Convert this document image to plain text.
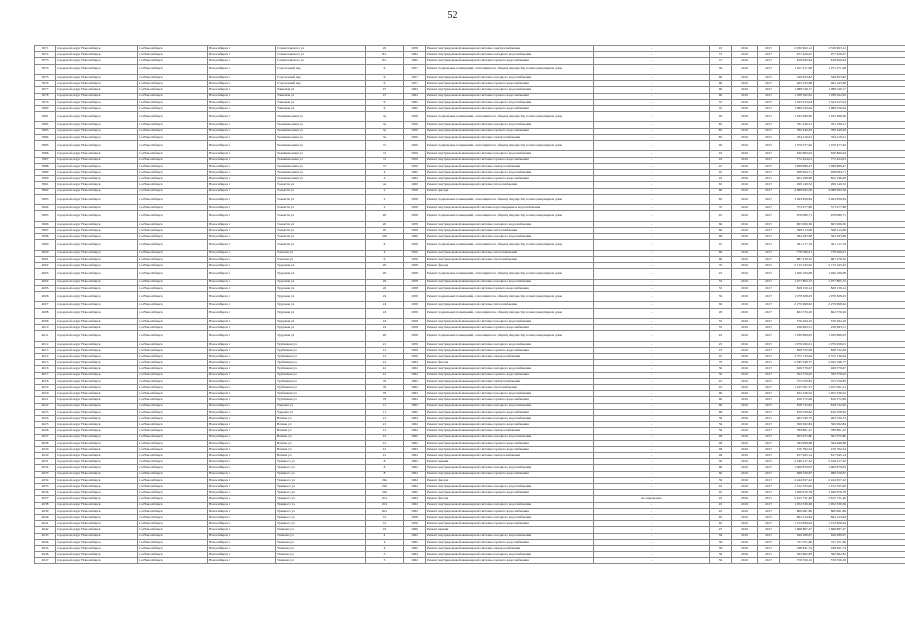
52
3971	городской округ Новосибирск	г.о.Новосибирск	Новосибирск г	Станиславского ул	20	1958	Ремонт внутридомовой инженерной системы электроснабжения	-	45	2016	2017	2 930 902,12	3 530 903,12	
3972	городской округ Новосибирск	г.о.Новосибирск	Новосибирск г	Станиславского ул	8/1	1962	Ремонт внутридомовой инженерной системы холодного водоснабжения	-	75	2016	2017	977 426,07	977 426,07	
3973	городской округ Новосибирск	г.о.Новосибирск	Новосибирск г	Станиславского ул	8/1	1962	Ремонт внутридомовой инженерной системы горячего водоснабжения	-	75	2016	2017	818 820,94	818 820,94	
3974	городской округ Новосибирск	г.о.Новосибирск	Новосибирск г	Стрелочный пер	9	1957	Ремонт подвальных помещений, относящихся к общему имуществу в многоквартирном доме	-	36	2016	2017	1 251 271,08	1 251 271,08	
3975	городской округ Новосибирск	г.о.Новосибирск	Новосибирск г	Стрелочный пер	9	1957	Ремонт внутридомовой инженерной системы холодного водоснабжения	-	60	2016	2017	546 833,82	546 833,82	
3976	городской округ Новосибирск	г.о.Новосибирск	Новосибирск г	Стрелочный пер	9	1957	Ремонт внутридомовой инженерной системы горячего водоснабжения	-	60	2016	2017	465 243,68	465 243,68	
3977	городской округ Новосибирск	г.о.Новосибирск	Новосибирск г	Танковая ул	47	1962	Ремонт внутридомовой инженерной системы холодного водоснабжения	-	60	2016	2017	1 088 549,17	1 088 549,17	
3978	городской округ Новосибирск	г.о.Новосибирск	Новосибирск г	Танковая ул	47	1962	Ремонт внутридомовой инженерной системы горячего водоснабжения	-	60	2016	2017	1 188 562,02	1 188 562,02	
3979	городской округ Новосибирск	г.о.Новосибирск	Новосибирск г	Танковая ул	9	1962	Ремонт внутридомовой инженерной системы холодного водоснабжения	-	35	2016	2017	1 345 615,04	1 345 615,04	
3980	городской округ Новосибирск	г.о.Новосибирск	Новосибирск г	Танковая ул	9	1962	Ремонт внутридомовой инженерной системы горячего водоснабжения	-	35	2016	2017	1 086 250,04	1 086 250,04	
3981	городской округ Новосибирск	г.о.Новосибирск	Новосибирск г	Телевизионная ул	3а	1956	Ремонт подвальных помещений, относящихся к общему имуществу в многоквартирном доме	-	46	2016	2017	1 435 496,60	1 435 496,60	
3982	городской округ Новосибирск	г.о.Новосибирск	Новосибирск г	Телевизионная ул	3а	1956	Ремонт внутридомовой инженерной системы холодного водоснабжения	-	85	2016	2017	791 236,51	791 236,51	
3983	городской округ Новосибирск	г.о.Новосибирск	Новосибирск г	Телевизионная ул	3а	1956	Ремонт внутридомовой инженерной системы горячего водоснабжения	-	85	2016	2017	780 440,63	780 440,63	
3984	городской округ Новосибирск	г.о.Новосибирск	Новосибирск г	Телевизионная ул	3а	1956	Ремонт внутридомовой инженерной системы электроснабжения	-	85	2016	2017	764 216,01	764 216,01	
3985	городской округ Новосибирск	г.о.Новосибирск	Новосибирск г	Телевизионная ул	7а	1956	Ремонт подвальных помещений, относящихся к общему имуществу в многоквартирном доме	-	46	2016	2017	1 379 477,62	1 379 477,62	
3986	городской округ Новосибирск	г.о.Новосибирск	Новосибирск г	Телевизионная ул	7а	1956	Ремонт внутридомовой инженерной системы холодного водоснабжения	-	45	2016	2017	630 860,04	630 860,04	
3987	городской округ Новосибирск	г.о.Новосибирск	Новосибирск г	Телевизионная ул	7а	1956	Ремонт внутридомовой инженерной системы горячего водоснабжения	-	45	2016	2017	772 424,01	772 424,01	
3988	городской округ Новосибирск	г.о.Новосибирск	Новосибирск г	Телевизионная ул	7а	1956	Ремонт внутридомовой инженерной системы электроснабжения	-	45	2016	2017	1 998 896,47	1 998 896,47	
3989	городской округ Новосибирск	г.о.Новосибирск	Новосибирск г	Телевизионная ул	4	1962	Ремонт внутридомовой инженерной системы холодного водоснабжения	-	45	2016	2017	958 094,71	958 094,71	
3990	городской округ Новосибирск	г.о.Новосибирск	Новосибирск г	Телевизионная ул	4	1962	Ремонт внутридомовой инженерной системы горячего водоснабжения	-	45	2016	2017	822 196,09	822 196,09	
3991	городской округ Новосибирск	г.о.Новосибирск	Новосибирск г	Тольятти ул	4а	1960	Ремонт внутридомовой инженерной системы теплоснабжения	-	65	2016	2017	299 149,52	299 149,52	
3992	городской округ Новосибирск	г.о.Новосибирск	Новосибирск г	Тольятти ул	2	1958	Ремонт фасада	-	60	2016	2017	4 088 092,36	4 088 092,36	
3993	городской округ Новосибирск	г.о.Новосибирск	Новосибирск г	Тольятти ул	2	1958	Ремонт подвальных помещений, относящихся к общему имуществу в многоквартирном доме	-	85	2016	2017	3 494 836,84	3 494 836,84	
3994	городской округ Новосибирск	г.о.Новосибирск	Новосибирск г	Тольятти ул	2	1958	Ремонт внутридомовой инженерной системы водоотведения и водоснабжения	-	70	2016	2017	573 477,88	573 477,88	
3995	городской округ Новосибирск	г.о.Новосибирск	Новосибирск г	Тольятти ул	20	1958	Ремонт подвальных помещений, относящихся к общему имуществу в многоквартирном доме	-	45	2016	2017	678 080,71	678 080,71	
3996	городской округ Новосибирск	г.о.Новосибирск	Новосибирск г	Тольятти ул	20	1958	Ремонт внутридомовой инженерной системы холодного водоснабжения	-	60	2016	2017	603 006,36	603 006,36	
3997	городской округ Новосибирск	г.о.Новосибирск	Новосибирск г	Тольятти ул	20	1958	Ремонт внутридомовой инженерной системы теплоснабжения	-	60	2016	2017	598 213,08	598 213,08	
3998	городской округ Новосибирск	г.о.Новосибирск	Новосибирск г	Тольятти ул	20а	1960	Ремонт внутридомовой инженерной системы холодного водоснабжения	-	60	2016	2017	594 283,68	594 283,68	
3999	городской округ Новосибирск	г.о.Новосибирск	Новосибирск г	Тольятти ул	6	1958	Ремонт подвальных помещений, относящихся к общему имуществу в многоквартирном доме	-	25	2016	2017	561 117,19	561 117,19	
4000	городской округ Новосибирск	г.о.Новосибирск	Новосибирск г	Томская ул	4	1959	Ремонт внутридомовой инженерной системы теплоснабжения	-	60	2016	2017	778 566,01	778 566,01	
4001	городской округ Новосибирск	г.о.Новосибирск	Новосибирск г	Томская ул	9	1958	Ремонт внутридомовой инженерной системы теплоснабжения	-	60	2016	2017	687 478,32	687 478,32	
4002	городской округ Новосибирск	г.о.Новосибирск	Новосибирск г	Трудовая ул	26	1958	Ремонт фасада	-	70	2016	2017	2 715 545,02	2 715 545,02	
4003	городской округ Новосибирск	г.о.Новосибирск	Новосибирск г	Трудовая ул	26	1958	Ремонт подвальных помещений, относящихся к общему имуществу в многоквартирном доме	-	22	2016	2017	1 026 160,08	1 026 160,08	
4004	городской округ Новосибирск	г.о.Новосибирск	Новосибирск г	Трудовая ул	26	1958	Ремонт внутридомовой инженерной системы холодного водоснабжения	-	55	2016	2017	1 077 805,72	1 077 805,72	
4005	городской округ Новосибирск	г.о.Новосибирск	Новосибирск г	Трудовая ул	26	1958	Ремонт внутридомовой инженерной системы горячего водоснабжения	-	55	2016	2017	828 159,14	828 159,14	
4006	городской округ Новосибирск	г.о.Новосибирск	Новосибирск г	Трудовая ул	24	1958	Ремонт подвальных помещений, относящихся к общему имуществу в многоквартирном доме	-	30	2016	2017	1 078 308,03	1 078 308,03	
4007	городской округ Новосибирск	г.о.Новосибирск	Новосибирск г	Трудовая ул	24	1958	Ремонт внутридомовой инженерной системы теплоснабжения	-	60	2016	2017	2 270 698,62	2 270 698,62	
4008	городской округ Новосибирск	г.о.Новосибирск	Новосибирск г	Трудовая ул	24	1958	Ремонт подвальных помещений, относящихся к общему имуществу в многоквартирном доме	-	20	2016	2017	602 576,29	602 576,29	
4009	городской округ Новосибирск	г.о.Новосибирск	Новосибирск г	Трудовая ул	24	1958	Ремонт внутридомовой инженерной системы холодного водоснабжения	-	35	2016	2017	576 294,16	576 294,16	
4010	городской округ Новосибирск	г.о.Новосибирск	Новосибирск г	Трудовая ул	24	1958	Ремонт внутридомовой инженерной системы горячего водоснабжения	-	35	2016	2017	236 993,51	236 993,51	
4011	городской округ Новосибирск	г.о.Новосибирск	Новосибирск г	Трудовая ул	20	1958	Ремонт подвальных помещений, относящихся к общему имуществу в многоквартирном доме	-	22	2016	2017	1 030 896,03	1 030 896,03	
4012	городской округ Новосибирск	г.о.Новосибирск	Новосибирск г	Турбинная ул	21	1959	Ремонт внутридомовой инженерной системы холодного водоснабжения	-	25	2016	2017	1 079 206,01	1 079 206,01	
4013	городской округ Новосибирск	г.о.Новосибирск	Новосибирск г	Турбинная ул	21	1959	Ремонт внутридомовой инженерной системы горячего водоснабжения	-	25	2016	2017	828 722,09	828 722,09	
4014	городской округ Новосибирск	г.о.Новосибирск	Новосибирск г	Турбинная ул	21	1959	Ремонт внутридомовой инженерной системы электроснабжения	-	25	2016	2017	2 575 130,04	2 575 130,04	
4015	городской округ Новосибирск	г.о.Новосибирск	Новосибирск г	Турбинная ул	41	1962	Ремонт фасада	-	70	2016	2017	2 045 548,77	2 045 548,77	
4016	городской округ Новосибирск	г.о.Новосибирск	Новосибирск г	Турбинная ул	41	1962	Ремонт внутридомовой инженерной системы холодного водоснабжения	-	30	2016	2017	926 579,07	926 579,07	
4017	городской округ Новосибирск	г.о.Новосибирск	Новосибирск г	Турбинная ул	41	1962	Ремонт внутридомовой инженерной системы горячего водоснабжения	-	30	2016	2017	762 576,02	762 576,02	
4018	городской округ Новосибирск	г.о.Новосибирск	Новосибирск г	Турбинная ул	79	1962	Ремонт внутридомовой инженерной системы электроснабжения	-	45	2016	2017	375 559,85	375 559,85	
4019	городской округ Новосибирск	г.о.Новосибирск	Новосибирск г	Турбинная ул	79	1962	Ремонт внутридомовой инженерной системы теплоснабжения	-	45	2016	2017	1 225 561,51	1 225 561,51	
4020	городской округ Новосибирск	г.о.Новосибирск	Новосибирск г	Турбинная ул	79	1962	Ремонт внутридомовой инженерной системы холодного водоснабжения	-	60	2016	2017	652 336,52	1 052 336,52	
4021	городской округ Новосибирск	г.о.Новосибирск	Новосибирск г	Турбинная ул	79	1962	Ремонт внутридомовой инженерной системы горячего водоснабжения	-	60	2016	2017	816 572,96	816 572,96	
4022	городской округ Новосибирск	г.о.Новосибирск	Новосибирск г	Ударная ул	11	1962	Ремонт внутридомовой инженерной системы холодного водоснабжения	-	60	2016	2017	818 722,92	818 722,92	
4023	городской округ Новосибирск	г.о.Новосибирск	Новосибирск г	Ударная ул	11	1962	Ремонт внутридомовой инженерной системы горячего водоснабжения	-	60	2016	2017	816 558,62	816 558,62	
4024	городской округ Новосибирск	г.о.Новосибирск	Новосибирск г	Ватина ул	21	1962	Ремонт внутридомовой инженерной системы холодного водоснабжения	-	59	2016	2017	462 530,74	462 530,74	
4025	городской округ Новосибирск	г.о.Новосибирск	Новосибирск г	Ватина ул	21	1962	Ремонт внутридомовой инженерной системы горячего водоснабжения	-	59	2016	2017	306 062,84	306 062,84	
4026	городской округ Новосибирск	г.о.Новосибирск	Новосибирск г	Ватина ул	21	1962	Ремонт внутридомовой инженерной системы электроснабжения	-	59	2016	2017	789 861,27	789 861,27	
4027	городской округ Новосибирск	г.о.Новосибирск	Новосибирск г	Ватина ул	41	1962	Ремонт внутридомовой инженерной системы холодного водоснабжения	-	48	2016	2017	505 675,80	505 675,80	
4028	городской округ Новосибирск	г.о.Новосибирск	Новосибирск г	Ватина ул	41	1962	Ремонт внутридомовой инженерной системы горячего водоснабжения	-	48	2016	2017	594 998,68	594 998,68	
4029	городской округ Новосибирск	г.о.Новосибирск	Новосибирск г	Ватина ул	41	1962	Ремонт внутридомовой инженерной системы горячего водоснабжения	-	48	2016	2017	150 762,54	150 762,54	
4030	городской округ Новосибирск	г.о.Новосибирск	Новосибирск г	Ватина ул	41	1962	Ремонт внутридомовой инженерной системы электроснабжения	-	48	2016	2017	817 945,14	817 945,14	
4031	городской округ Новосибирск	г.о.Новосибирск	Новосибирск г	Урицкого ул	8	1962	Ремонт крыши	-	30	2016	2017	2 246 417,32	2 246 417,32	
4032	городской округ Новосибирск	г.о.Новосибирск	Новосибирск г	Урицкого ул	8	1962	Ремонт внутридомовой инженерной системы холодного водоснабжения	-	60	2016	2017	1 009 879,93	1 009 879,93	
4033	городской округ Новосибирск	г.о.Новосибирск	Новосибирск г	Урицкого ул	8	1962	Ремонт внутридомовой инженерной системы горячего водоснабжения	-	60	2016	2017	998 559,67	998 559,67	
4034	городской округ Новосибирск	г.о.Новосибирск	Новосибирск г	Урицкого ул	29а	1962	Ремонт фасада	-	59	2016	2017	2 244 657,22	2 244 657,22	
4035	городской округ Новосибирск	г.о.Новосибирск	Новосибирск г	Урицкого ул	29а	1962	Ремонт внутридомовой инженерной системы холодного водоснабжения	-	45	2016	2017	1 152 335,00	1 152 335,00	
4036	городской округ Новосибирск	г.о.Новосибирск	Новосибирск г	Урицкого ул	29а	1962	Ремонт внутридомовой инженерной системы горячего водоснабжения	-	45	2016	2017	1 026 676,78	1 026 676,78	
4037	городской округ Новосибирск	г.о.Новосибирск	Новосибирск г	Урицкого ул	16/1	1962	Ремонт фасада	не определено	45	2016	2017	2 615 731,40	2 615 731,40	
4038	городской округ Новосибирск	г.о.Новосибирск	Новосибирск г	Урицкого ул	16/1	1962	Ремонт внутридомовой инженерной системы холодного водоснабжения	-	45	2016	2017	1 052 336,36	1 052 336,36	
4039	городской округ Новосибирск	г.о.Новосибирск	Новосибирск г	Урицкого ул	16/1	1962	Ремонт внутридомовой инженерной системы горячего водоснабжения	-	45	2016	2017	806 661,86	806 661,86	
4040	городской округ Новосибирск	г.о.Новосибирск	Новосибирск г	Урицкого ул	31	1958	Ремонт внутридомовой инженерной системы холодного водоснабжения	-	65	2016	2017	894 124,64	894 124,64	
4041	городской округ Новосибирск	г.о.Новосибирск	Новосибирск г	Урицкого ул	31	1958	Ремонт внутридомовой инженерной системы горячего водоснабжения	-	65	2016	2017	1 152 826,04	1 152 826,04	
4042	городской округ Новосибирск	г.о.Новосибирск	Новосибирск г	Ушакова ул	19	1960	Ремонт крыши	-	25	2016	2017	1 668 867,47	1 668 867,47	
4043	городской округ Новосибирск	г.о.Новосибирск	Новосибирск г	Ушакова ул	4	1962	Ремонт внутридомовой инженерной системы холодного водоснабжения	-	59	2016	2017	949 280,07	949 280,07	
4044	городской округ Новосибирск	г.о.Новосибирск	Новосибирск г	Ушакова ул	4	1962	Ремонт внутридомовой инженерной системы горячего водоснабжения	-	59	2016	2017	721 551,66	721 551,66	
4045	городской округ Новосибирск	г.о.Новосибирск	Новосибирск г	Ушакова ул	4	1962	Ремонт внутридомовой инженерной системы электроснабжения	-	59	2016	2017	248 841,74	248 841,74	
4046	городской округ Новосибирск	г.о.Новосибирск	Новосибирск г	Ушакова ул	5	1962	Ремонт внутридомовой инженерной системы холодного водоснабжения	-	59	2016	2017	562 662,83	562 662,83	
4047	городской округ Новосибирск	г.о.Новосибирск	Новосибирск г	Ушакова ул	5	1962	Ремонт внутридомовой инженерной системы горячего водоснабжения	-	59	2016	2017	576 556,16	576 556,16	
